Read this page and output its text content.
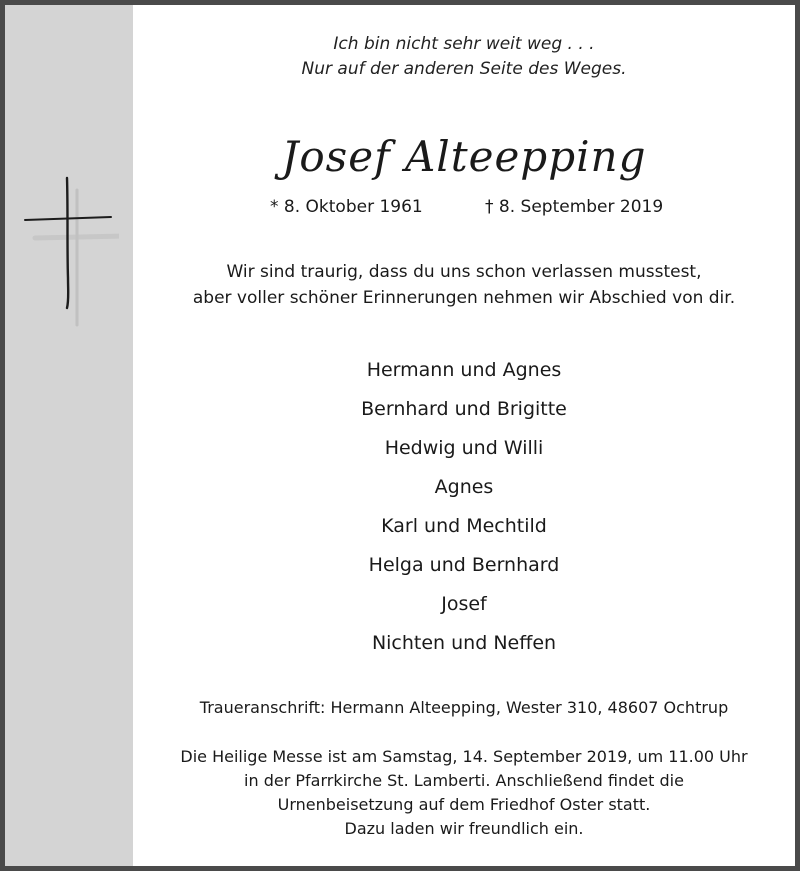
Ich bin nicht sehr weit weg . . .
Nur auf der anderen Seite des Weges.
Josef Alteepping
* 8. Oktober 1961	† 8. September 2019
Wir sind traurig, dass du uns schon verlassen musstest,
aber voller schöner Erinnerungen nehmen wir Abschied von dir.
Hermann und Agnes
Bernhard und Brigitte
Hedwig und Willi
Agnes
Karl und Mechtild
Helga und Bernhard
Josef
Nichten und Neffen
Traueranschrift: Hermann Alteepping, Wester 310, 48607 Ochtrup
Die Heilige Messe ist am Samstag, 14. September 2019, um 11.00 Uhr
in der Pfarrkirche St. Lamberti. Anschließend findet die
Urnenbeisetzung auf dem Friedhof Oster statt.
Dazu laden wir freundlich ein.
